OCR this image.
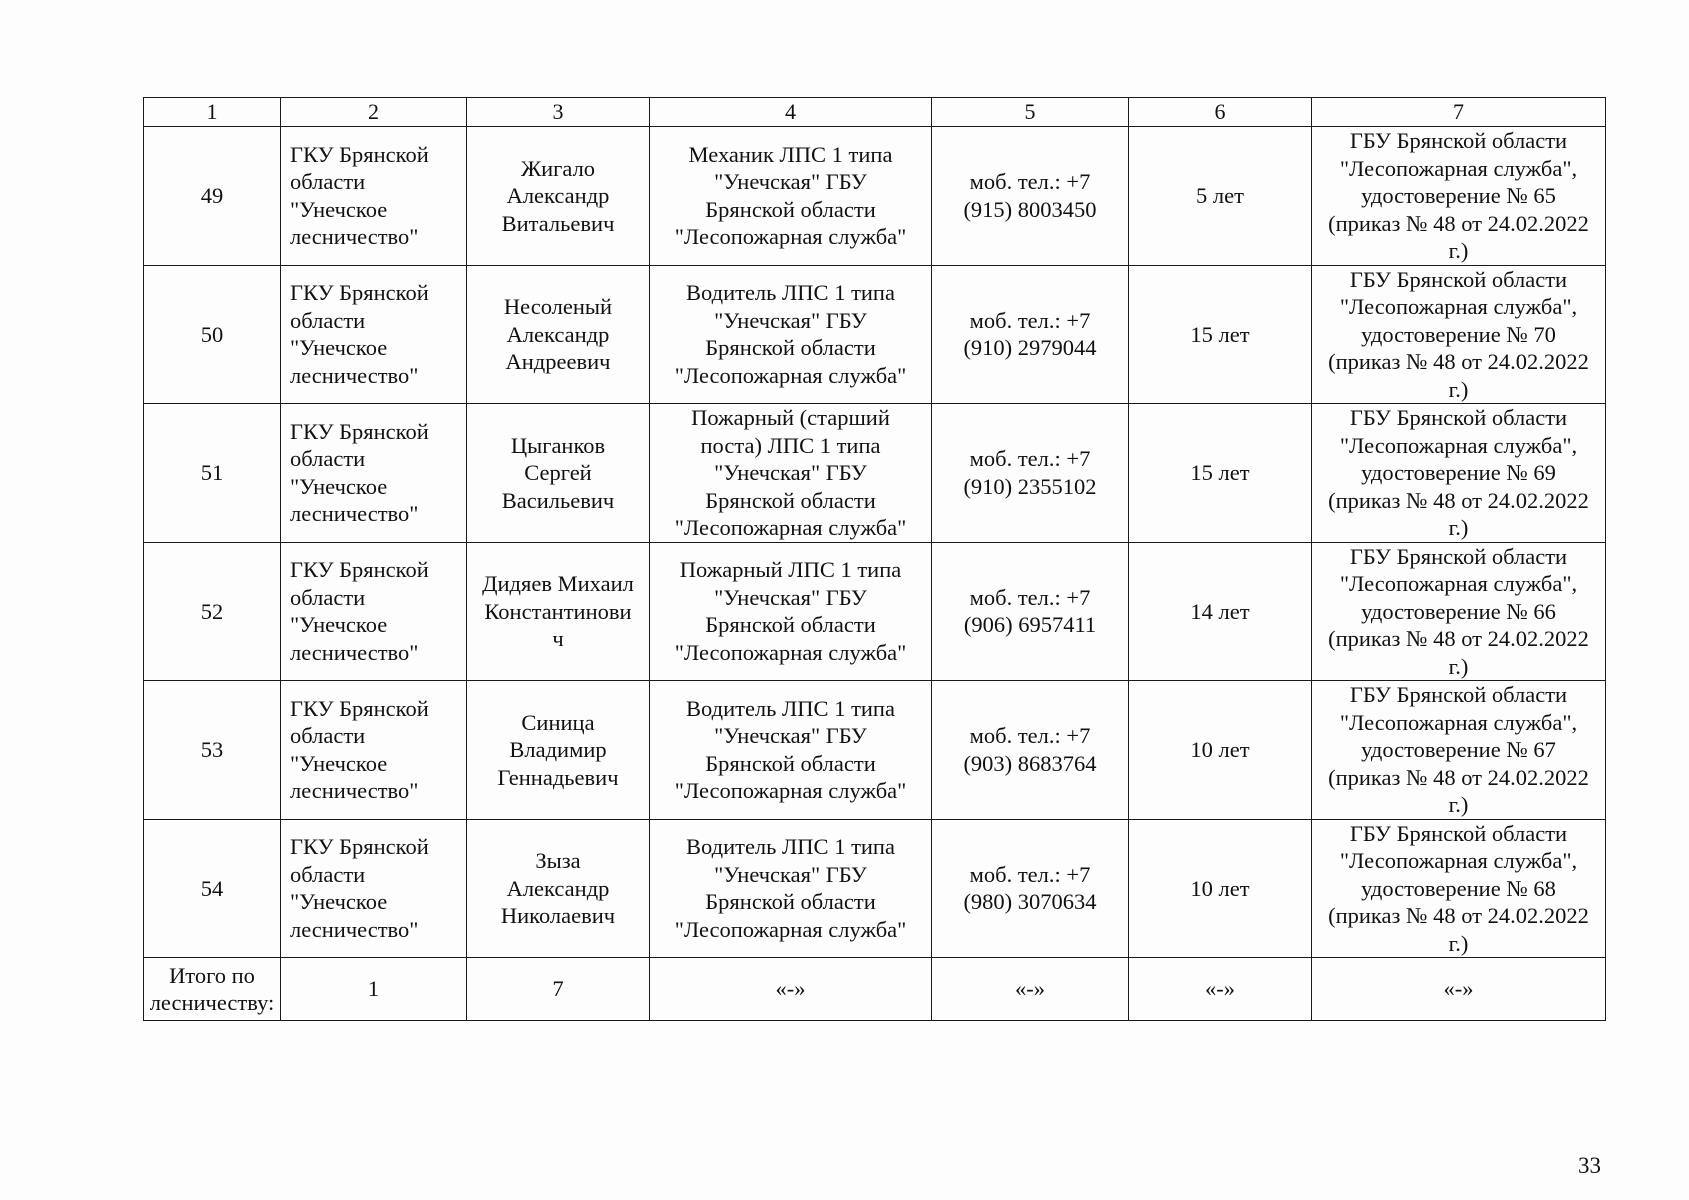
1	2	3	4	5	6	7
49	ГКУ Брянской
области
"Унечское
лесничество"	Жигало
Александр
Витальевич	Механик ЛПС 1 типа
"Унечская" ГБУ
Брянской области
"Лесопожарная служба"	моб. тел.: +7
(915) 8003450	5 лет	ГБУ Брянской области
"Лесопожарная служба",
удостоверение № 65
(приказ № 48 от 24.02.2022
г.)
50	ГКУ Брянской
области
"Унечское
лесничество"	Несоленый
Александр
Андреевич	Водитель ЛПС 1 типа
"Унечская" ГБУ
Брянской области
"Лесопожарная служба"	моб. тел.: +7
(910) 2979044	15 лет	ГБУ Брянской области
"Лесопожарная служба",
удостоверение № 70
(приказ № 48 от 24.02.2022
г.)
51	ГКУ Брянской
области
"Унечское
лесничество"	Цыганков
Сергей
Васильевич	Пожарный (старший
поста) ЛПС 1 типа
"Унечская" ГБУ
Брянской области
"Лесопожарная служба"	моб. тел.: +7
(910) 2355102	15 лет	ГБУ Брянской области
"Лесопожарная служба",
удостоверение № 69
(приказ № 48 от 24.02.2022
г.)
52	ГКУ Брянской
области
"Унечское
лесничество"	Дидяев Михаил
Константинови
ч	Пожарный ЛПС 1 типа
"Унечская" ГБУ
Брянской области
"Лесопожарная служба"	моб. тел.: +7
(906) 6957411	14 лет	ГБУ Брянской области
"Лесопожарная служба",
удостоверение № 66
(приказ № 48 от 24.02.2022
г.)
53	ГКУ Брянской
области
"Унечское
лесничество"	Синица
Владимир
Геннадьевич	Водитель ЛПС 1 типа
"Унечская" ГБУ
Брянской области
"Лесопожарная служба"	моб. тел.: +7
(903) 8683764	10 лет	ГБУ Брянской области
"Лесопожарная служба",
удостоверение № 67
(приказ № 48 от 24.02.2022
г.)
54	ГКУ Брянской
области
"Унечское
лесничество"	Зыза
Александр
Николаевич	Водитель ЛПС 1 типа
"Унечская" ГБУ
Брянской области
"Лесопожарная служба"	моб. тел.: +7
(980) 3070634	10 лет	ГБУ Брянской области
"Лесопожарная служба",
удостоверение № 68
(приказ № 48 от 24.02.2022
г.)
Итого по
лесничеству:	1	7	«-»	«-»	«-»	«-»
33
